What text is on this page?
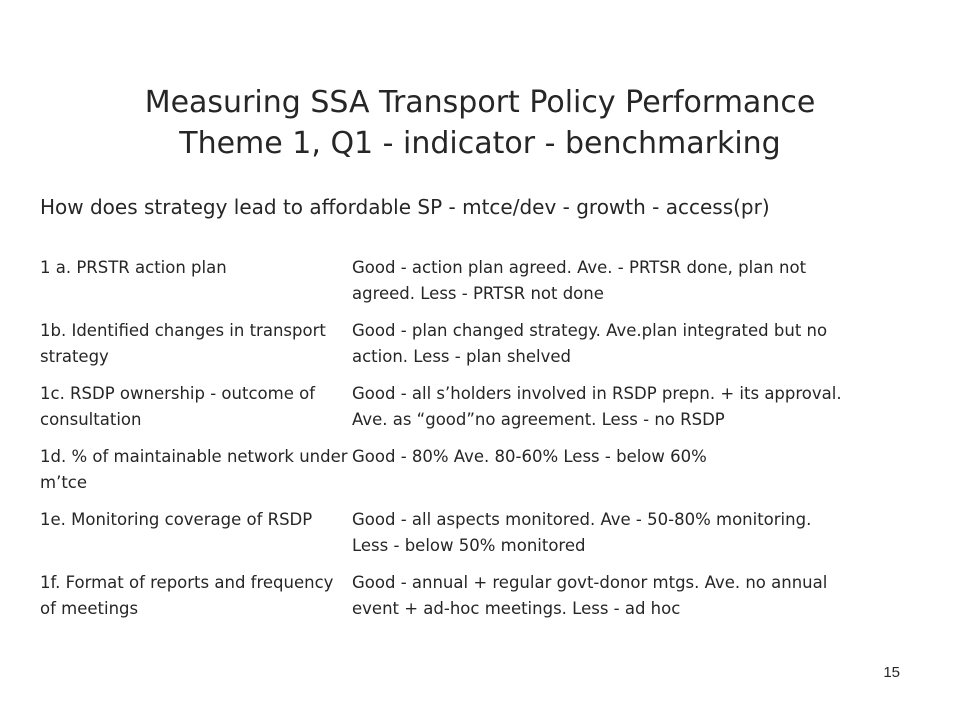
Measuring SSA Transport Policy Performance
Theme 1, Q1 - indicator - benchmarking
How does strategy lead to affordable SP - mtce/dev - growth - access(pr)
1 a. PRSTR action plan	Good - action plan agreed. Ave. - PRTSR done, plan not agreed. Less - PRTSR not done
1b. Identified changes in transport strategy
Good - plan changed strategy. Ave.plan integrated but no action. Less - plan shelved
1c. RSDP ownership - outcome of consultation
Good - all s’holders involved in RSDP prepn. + its approval. Ave. as “good”no agreement. Less - no RSDP
1d. % of maintainable network under m’tce
Good - 80% Ave. 80-60% Less - below 60%
1e. Monitoring coverage of RSDP	Good - all aspects monitored. Ave - 50-80% monitoring. Less - below 50% monitored
1f. Format of reports and frequency of meetings
Good - annual + regular govt-donor mtgs. Ave. no annual event + ad-hoc meetings. Less - ad hoc
15
